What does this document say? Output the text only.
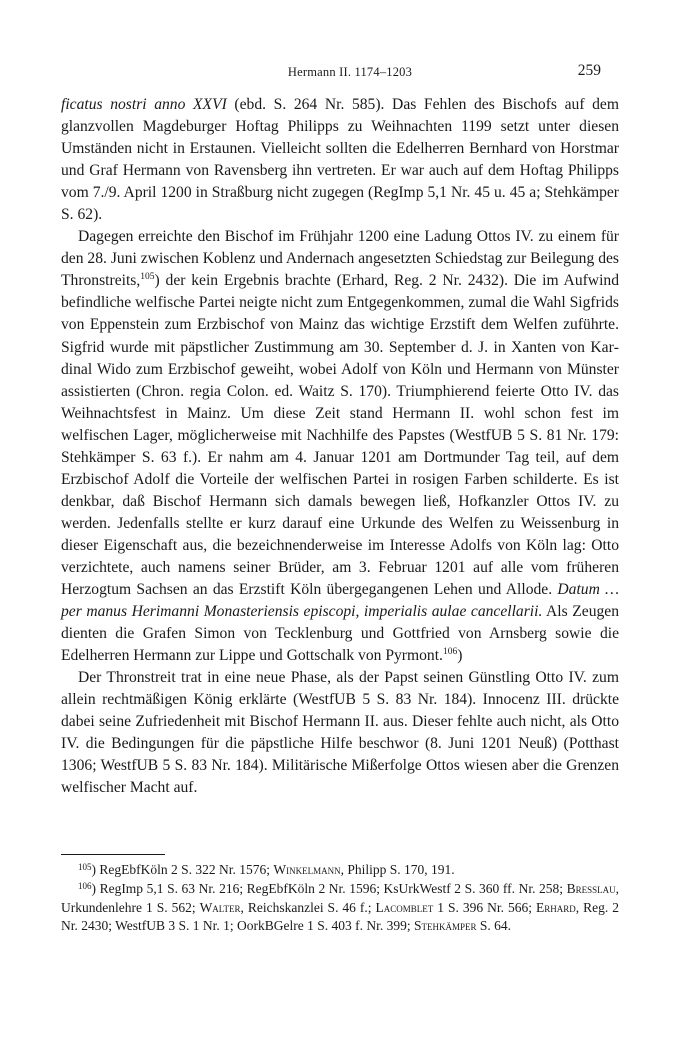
Hermann II. 1174–1203	259

ficatus nostri anno XXVI (ebd. S. 264 Nr. 585). Das Fehlen des Bischofs auf dem glanzvollen Magdeburger Hoftag Philipps zu Weihnachten 1199 setzt unter diesen Umständen nicht in Erstaunen. Vielleicht sollten die Edelherren Bernhard von Horstmar und Graf Hermann von Ravensberg ihn vertreten. Er war auch auf dem Hoftag Philipps vom 7./9. April 1200 in Straßburg nicht zugegen (RegImp 5,1 Nr. 45 u. 45 a; Stehkämper S. 62).

Dagegen erreichte den Bischof im Frühjahr 1200 eine Ladung Ottos IV. zu einem für den 28. Juni zwischen Koblenz und Andernach angesetzten Schiedstag zur Beilegung des Thronstreits,$^{105}$) der kein Ergebnis brachte (Erhard, Reg. 2 Nr. 2432). Die im Aufwind befindliche welfische Partei neigte nicht zum Entgegenkommen, zumal die Wahl Sigfrids von Eppenstein zum Erzbischof von Mainz das wichtige Erzstift dem Welfen zuführte. Sigfrid wurde mit päpstlicher Zustimmung am 30. September d. J. in Xanten von Kardinal Wido zum Erzbischof geweiht, wobei Adolf von Köln und Hermann von Münster assistierten (Chron. regia Colon. ed. Waitz S. 170). Triumphierend feierte Otto IV. das Weihnachtsfest in Mainz. Um diese Zeit stand Hermann II. wohl schon fest im welfischen Lager, möglicherweise mit Nachhilfe des Papstes (WestfUB 5 S. 81 Nr. 179: Stehkämper S. 63 f.). Er nahm am 4. Januar 1201 am Dortmunder Tag teil, auf dem Erzbischof Adolf die Vorteile der welfischen Partei in rosigen Farben schilderte. Es ist denkbar, daß Bischof Hermann sich damals bewegen ließ, Hofkanzler Ottos IV. zu werden. Jedenfalls stellte er kurz darauf eine Urkunde des Welfen zu Weissenburg in dieser Eigenschaft aus, die bezeichnenderweise im Interesse Adolfs von Köln lag: Otto verzichtete, auch namens seiner Brüder, am 3. Februar 1201 auf alle vom früheren Herzogtum Sachsen an das Erzstift Köln übergegangenen Lehen und Allode. Datum … per manus Herimanni Monasteriensis episcopi, imperialis aulae cancellarii. Als Zeugen dienten die Grafen Simon von Tecklenburg und Gottfried von Arnsberg sowie die Edelherren Hermann zur Lippe und Gottschalk von Pyrmont.$^{106}$)

Der Thronstreit trat in eine neue Phase, als der Papst seinen Günstling Otto IV. zum allein rechtmäßigen König erklärte (WestfUB 5 S. 83 Nr. 184). Innocenz III. drückte dabei seine Zufriedenheit mit Bischof Hermann II. aus. Dieser fehlte auch nicht, als Otto IV. die Bedingungen für die päpstliche Hilfe beschwor (8. Juni 1201 Neuß) (Potthast 1306; WestfUB 5 S. 83 Nr. 184). Militärische Mißerfolge Ottos wiesen aber die Grenzen welfischer Macht auf.

$^{105}$) RegEbfKöln 2 S. 322 Nr. 1576; Winkelmann, Philipp S. 170, 191.

$^{106}$) RegImp 5,1 S. 63 Nr. 216; RegEbfKöln 2 Nr. 1596; KsUrkWestf 2 S. 360 ff. Nr. 258; Breßlau, Urkundenlehre 1 S. 562; Walter, Reichskanzlei S. 46 f.; Lacomblet 1 S. 396 Nr. 566; Erhard, Reg. 2 Nr. 2430; WestfUB 3 S. 1 Nr. 1; OorkBGelre 1 S. 403 f. Nr. 399; Stehkämper S. 64.
